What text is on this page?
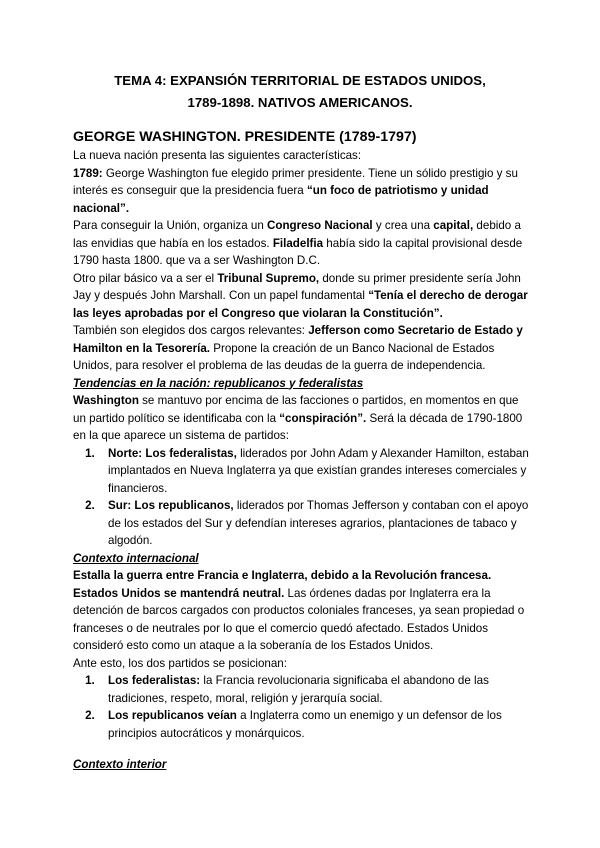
TEMA 4: EXPANSIÓN TERRITORIAL DE ESTADOS UNIDOS,
1789-1898. NATIVOS AMERICANOS.

GEORGE WASHINGTON. PRESIDENTE (1789-1797)

La nueva nación presenta las siguientes características:

1789: George Washington fue elegido primer presidente. Tiene un sólido prestigio y su interés es conseguir que la presidencia fuera “un foco de patriotismo y unidad nacional”.

Para conseguir la Unión, organiza un Congreso Nacional y crea una capital, debido a las envidias que había en los estados. Filadelfia había sido la capital provisional desde 1790 hasta 1800. que va a ser Washington D.C.

Otro pilar básico va a ser el Tribunal Supremo, donde su primer presidente sería John Jay y después John Marshall. Con un papel fundamental “Tenía el derecho de derogar las leyes aprobadas por el Congreso que violaran la Constitución”.

También son elegidos dos cargos relevantes: Jefferson como Secretario de Estado y Hamilton en la Tesorería. Propone la creación de un Banco Nacional de Estados Unidos, para resolver el problema de las deudas de la guerra de independencia.

Tendencias en la nación: republicanos y federalistas

Washington se mantuvo por encima de las facciones o partidos, en momentos en que un partido político se identificaba con la “conspiración”. Será la década de 1790-1800 en la que aparece un sistema de partidos:

1. Norte: Los federalistas, liderados por John Adam y Alexander Hamilton, estaban implantados en Nueva Inglaterra ya que existían grandes intereses comerciales y financieros.
2. Sur: Los republicanos, liderados por Thomas Jefferson y contaban con el apoyo de los estados del Sur y defendían intereses agrarios, plantaciones de tabaco y algodón.

Contexto internacional

Estalla la guerra entre Francia e Inglaterra, debido a la Revolución francesa. Estados Unidos se mantendrá neutral. Las órdenes dadas por Inglaterra era la detención de barcos cargados con productos coloniales franceses, ya sean propiedad o franceses o de neutrales por lo que el comercio quedó afectado. Estados Unidos consideró esto como un ataque a la soberanía de los Estados Unidos.

Ante esto, los dos partidos se posicionan:

1. Los federalistas: la Francia revolucionaria significaba el abandono de las tradiciones, respeto, moral, religión y jerarquía social.
2. Los republicanos veían a Inglaterra como un enemigo y un defensor de los principios autocráticos y monárquicos.

Contexto interior
